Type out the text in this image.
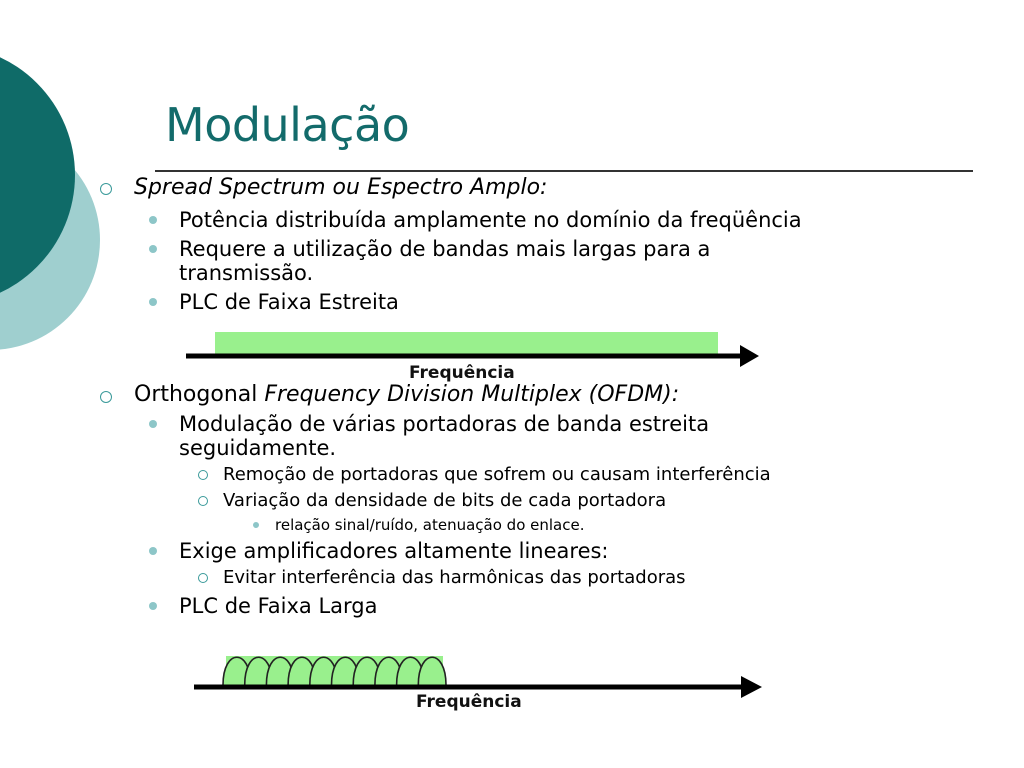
Modulação
Spread Spectrum ou Espectro Amplo:
Potência distribuída amplamente no domínio da freqüência
Requere a utilização de bandas mais largas para a
transmissão.
PLC de Faixa Estreita
Frequência
Orthogonal Frequency Division Multiplex (OFDM):
Modulação de várias portadoras de banda estreita
seguidamente.
Remoção de portadoras que sofrem ou causam interferência
Variação da densidade de bits de cada portadora
relação sinal/ruído, atenuação do enlace.
Exige amplificadores altamente lineares:
Evitar interferência das harmônicas das portadoras
PLC de Faixa Larga
Frequência
